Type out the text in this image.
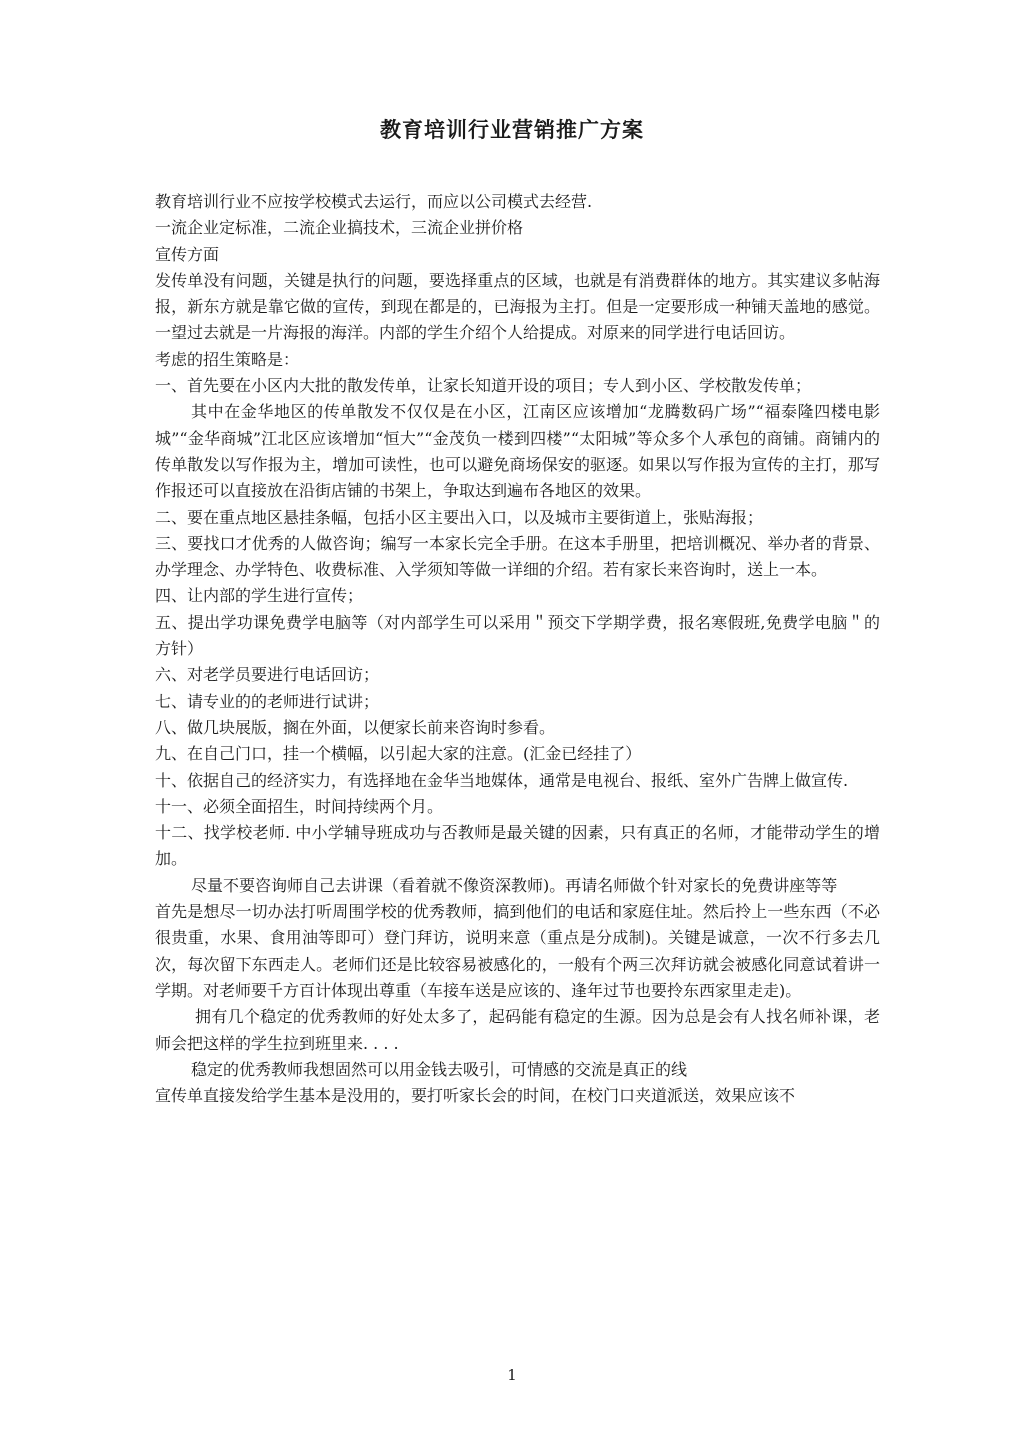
教育培训行业营销推广方案

教育培训行业不应按学校模式去运行，而应以公司模式去经营.

一流企业定标准，二流企业搞技术，三流企业拼价格

宣传方面

发传单没有问题，关键是执行的问题，要选择重点的区域，也就是有消费群体的地方。其实建议多帖海报，新东方就是靠它做的宣传，到现在都是的，已海报为主打。但是一定要形成一种铺天盖地的感觉。一望过去就是一片海报的海洋。内部的学生介绍个人给提成。对原来的同学进行电话回访。

考虑的招生策略是：

一、首先要在小区内大批的散发传单，让家长知道开设的项目；专人到小区、学校散发传单；

其中在金华地区的传单散发不仅仅是在小区，江南区应该增加“龙腾数码广场”“福泰隆四楼电影城”“金华商城”江北区应该增加“恒大”“金茂负一楼到四楼”“太阳城”等众多个人承包的商铺。商铺内的传单散发以写作报为主，增加可读性，也可以避免商场保安的驱逐。如果以写作报为宣传的主打，那写作报还可以直接放在沿街店铺的书架上，争取达到遍布各地区的效果。

二、要在重点地区悬挂条幅，包括小区主要出入口，以及城市主要街道上，张贴海报；

三、要找口才优秀的人做咨询；编写一本家长完全手册。在这本手册里，把培训概况、举办者的背景、办学理念、办学特色、收费标准、入学须知等做一详细的介绍。若有家长来咨询时，送上一本。

四、让内部的学生进行宣传；

五、提出学功课免费学电脑等（对内部学生可以采用＂预交下学期学费，报名寒假班,免费学电脑＂的方针）

六、对老学员要进行电话回访；

七、请专业的的老师进行试讲；

八、做几块展版，搁在外面，以便家长前来咨询时参看。

九、在自己门口，挂一个横幅，以引起大家的注意。(汇金已经挂了）

十、依据自己的经济实力，有选择地在金华当地媒体，通常是电视台、报纸、室外广告牌上做宣传.

十一、必须全面招生，时间持续两个月。

十二、找学校老师. 中小学辅导班成功与否教师是最关键的因素，只有真正的名师，才能带动学生的增加。

尽量不要咨询师自己去讲课（看着就不像资深教师)。再请名师做个针对家长的免费讲座等等

首先是想尽一切办法打听周围学校的优秀教师，搞到他们的电话和家庭住址。然后拎上一些东西（不必很贵重，水果、食用油等即可）登门拜访，说明来意（重点是分成制)。关键是诚意，一次不行多去几次，每次留下东西走人。老师们还是比较容易被感化的，一般有个两三次拜访就会被感化同意试着讲一学期。对老师要千方百计体现出尊重（车接车送是应该的、逢年过节也要拎东西家里走走)。

拥有几个稳定的优秀教师的好处太多了，起码能有稳定的生源。因为总是会有人找名师补课，老师会把这样的学生拉到班里来. . . .

稳定的优秀教师我想固然可以用金钱去吸引，可情感的交流是真正的线

宣传单直接发给学生基本是没用的，要打听家长会的时间，在校门口夹道派送，效果应该不

1
